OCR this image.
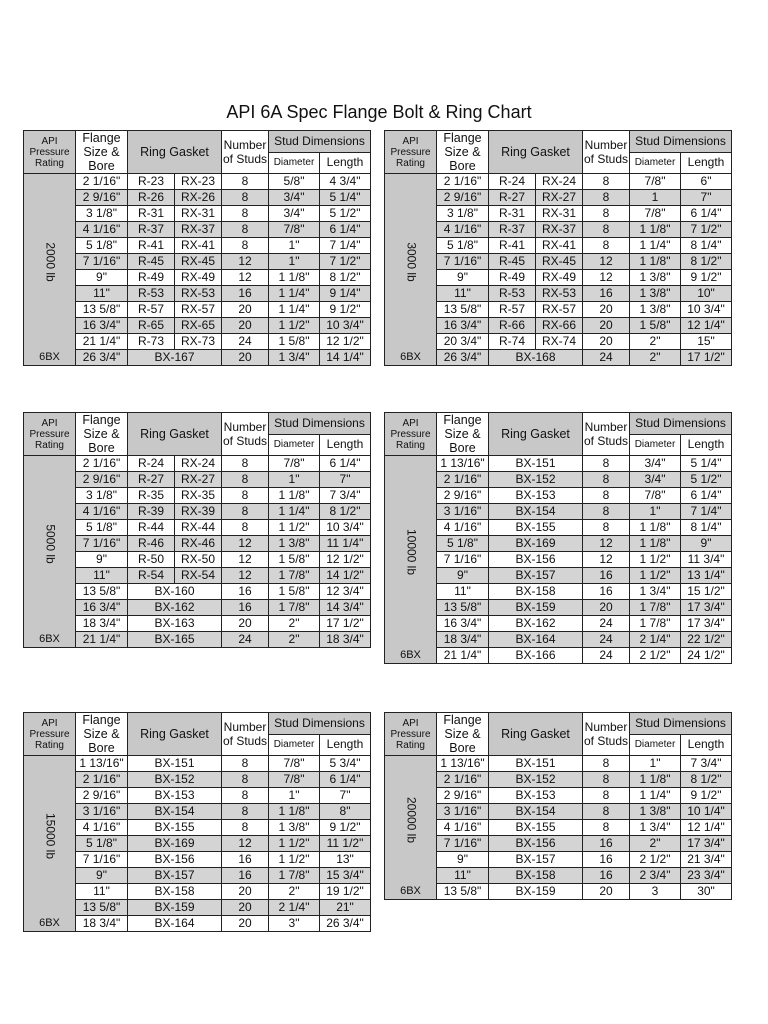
API 6A Spec Flange Bolt & Ring Chart
API
Pressure
Rating	Flange
Size &
Bore	Ring Gasket		Number
of Studs	Stud Dimensions	
					Diameter	Length

2000 lb	2 1/16"	R-23	RX-23	8	5/8"	4 3/4"
	2 9/16"	R-26	RX-26	8	3/4"	5 1/4"
	3 1/8"	R-31	RX-31	8	3/4"	5 1/2"
	4 1/16"	R-37	RX-37	8	7/8"	6 1/4"
	5 1/8"	R-41	RX-41	8	1"	7 1/4"
	7 1/16"	R-45	RX-45	12	1"	7 1/2"
	9"	R-49	RX-49	12	1 1/8"	8 1/2"
	11"	R-53	RX-53	16	1 1/4"	9 1/4"
	13 5/8"	R-57	RX-57	20	1 1/4"	9 1/2"
	16 3/4"	R-65	RX-65	20	1 1/2"	10 3/4"
	21 1/4"	R-73	RX-73	24	1 5/8"	12 1/2"
6BX	26 3/4"	BX-167		20	1 3/4"	14 1/4"
API
Pressure
Rating	Flange
Size &
Bore	Ring Gasket		Number
of Studs	Stud Dimensions	
					Diameter	Length

3000 lb	2 1/16"	R-24	RX-24	8	7/8"	6"
	2 9/16"	R-27	RX-27	8	1	7"
	3 1/8"	R-31	RX-31	8	7/8"	6 1/4"
	4 1/16"	R-37	RX-37	8	1 1/8"	7 1/2"
	5 1/8"	R-41	RX-41	8	1 1/4"	8 1/4"
	7 1/16"	R-45	RX-45	12	1 1/8"	8 1/2"
	9"	R-49	RX-49	12	1 3/8"	9 1/2"
	11"	R-53	RX-53	16	1 3/8"	10"
	13 5/8"	R-57	RX-57	20	1 3/8"	10 3/4"
	16 3/4"	R-66	RX-66	20	1 5/8"	12 1/4"
	20 3/4"	R-74	RX-74	20	2"	15"
6BX	26 3/4"	BX-168		24	2"	17 1/2"
API
Pressure
Rating	Flange
Size &
Bore	Ring Gasket		Number
of Studs	Stud Dimensions	
					Diameter	Length

5000 lb	2 1/16"	R-24	RX-24	8	7/8"	6 1/4"
	2 9/16"	R-27	RX-27	8	1"	7"
	3 1/8"	R-35	RX-35	8	1 1/8"	7 3/4"
	4 1/16"	R-39	RX-39	8	1 1/4"	8 1/2"
	5 1/8"	R-44	RX-44	8	1 1/2"	10 3/4"
	7 1/16"	R-46	RX-46	12	1 3/8"	11 1/4"
	9"	R-50	RX-50	12	1 5/8"	12 1/2"
	11"	R-54	RX-54	12	1 7/8"	14 1/2"
	13 5/8"	BX-160		16	1 5/8"	12 3/4"
	16 3/4"	BX-162		16	1 7/8"	14 3/4"
	18 3/4"	BX-163		20	2"	17 1/2"
6BX	21 1/4"	BX-165		24	2"	18 3/4"
API
Pressure
Rating	Flange
Size &
Bore	Ring Gasket	Number
of Studs	Stud Dimensions	
				Diameter	Length

10000 lb	1 13/16"	BX-151	8	3/4"	5 1/4"
	2 1/16"	BX-152	8	3/4"	5 1/2"
	2 9/16"	BX-153	8	7/8"	6 1/4"
	3 1/16"	BX-154	8	1"	7 1/4"
	4 1/16"	BX-155	8	1 1/8"	8 1/4"
	5 1/8"	BX-169	12	1 1/8"	9"
	7 1/16"	BX-156	12	1 1/2"	11 3/4"
	9"	BX-157	16	1 1/2"	13 1/4"
	11"	BX-158	16	1 3/4"	15 1/2"
	13 5/8"	BX-159	20	1 7/8"	17 3/4"
	16 3/4"	BX-162	24	1 7/8"	17 3/4"
	18 3/4"	BX-164	24	2 1/4"	22 1/2"
6BX	21 1/4"	BX-166	24	2 1/2"	24 1/2"
API
Pressure
Rating	Flange
Size &
Bore	Ring Gasket	Number
of Studs	Stud Dimensions	
				Diameter	Length

15000 lb	1 13/16"	BX-151	8	7/8"	5 3/4"
	2 1/16"	BX-152	8	7/8"	6 1/4"
	2 9/16"	BX-153	8	1"	7"
	3 1/16"	BX-154	8	1 1/8"	8"
	4 1/16"	BX-155	8	1 3/8"	9 1/2"
	5 1/8"	BX-169	12	1 1/2"	11 1/2"
	7 1/16"	BX-156	16	1 1/2"	13"
	9"	BX-157	16	1 7/8"	15 3/4"
	11"	BX-158	20	2"	19 1/2"
	13 5/8"	BX-159	20	2 1/4"	21"
6BX	18 3/4"	BX-164	20	3"	26 3/4"
API
Pressure
Rating	Flange
Size &
Bore	Ring Gasket	Number
of Studs	Stud Dimensions	
				Diameter	Length

20000 lb	1 13/16"	BX-151	8	1"	7 3/4"
	2 1/16"	BX-152	8	1 1/8"	8 1/2"
	2 9/16"	BX-153	8	1 1/4"	9 1/2"
	3 1/16"	BX-154	8	1 3/8"	10 1/4"
	4 1/16"	BX-155	8	1 3/4"	12 1/4"
	7 1/16"	BX-156	16	2"	17 3/4"
	9"	BX-157	16	2 1/2"	21 3/4"
	11"	BX-158	16	2 3/4"	23 3/4"
6BX	13 5/8"	BX-159	20	3	30"
